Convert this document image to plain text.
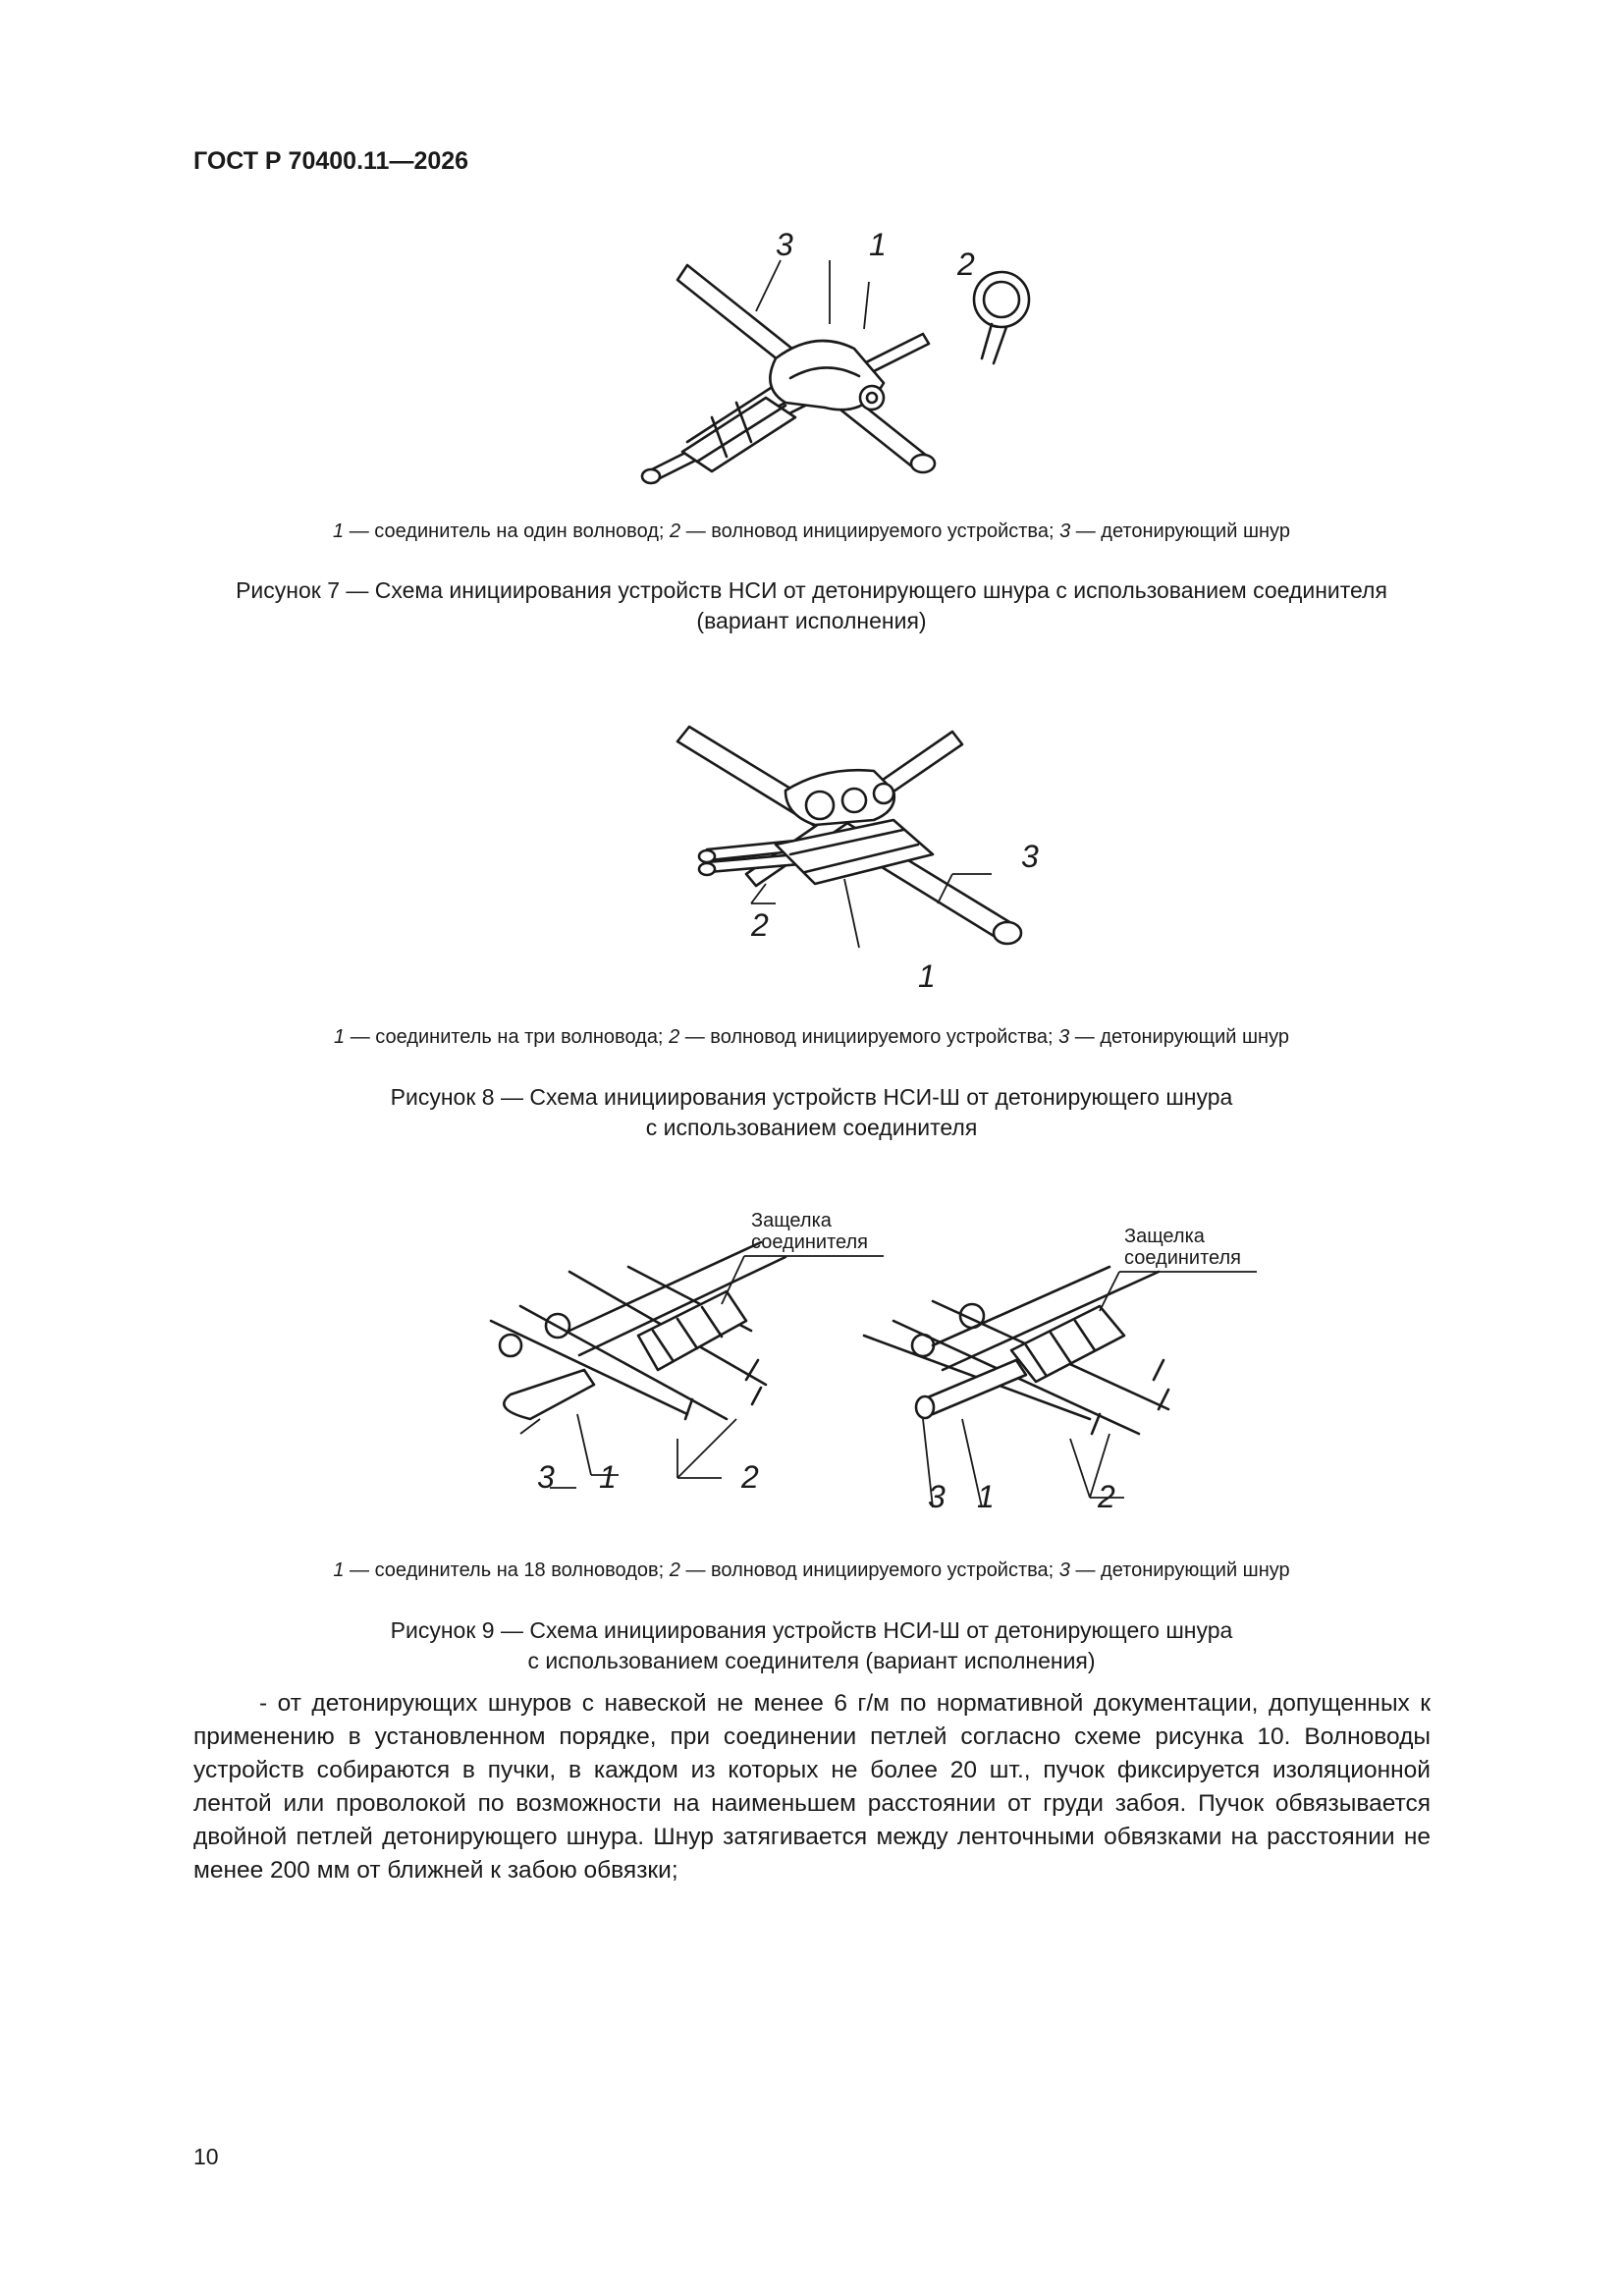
ГОСТ Р 70400.11—2026
3 1
2
1 — соединитель на один волновод; 2 — волновод инициируемого устройства; 3 — детонирующий шнур
Рисунок 7 — Схема инициирования устройств НСИ от детонирующего шнура с использованием соединителя
(вариант исполнения)
2
1
3
1 — соединитель на три волновода; 2 — волновод инициируемого устройства; 3 — детонирующий шнур
Рисунок 8 — Схема инициирования устройств НСИ-Ш от детонирующего шнура
с использованием соединителя
3 1	2
Защелка соединителя
3 1	2
Защелка соединителя
1 — соединитель на 18 волноводов; 2 — волновод инициируемого устройства; 3 — детонирующий шнур
Рисунок 9 — Схема инициирования устройств НСИ-Ш от детонирующего шнура
с использованием соединителя (вариант исполнения)

- от детонирующих шнуров с навеской не менее 6 г/м по нормативной документации, допущенных к применению в установленном порядке, при соединении петлей согласно схеме рисунка 10. Волноводы устройств собираются в пучки, в каждом из которых не более 20 шт., пучок фиксируется изоляционной лентой или проволокой по возможности на наименьшем расстоянии от груди забоя. Пучок обвязывается двойной петлей детонирующего шнура. Шнур затягивается между ленточными обвязками на расстоянии не менее 200 мм от ближней к забою обвязки;

10
